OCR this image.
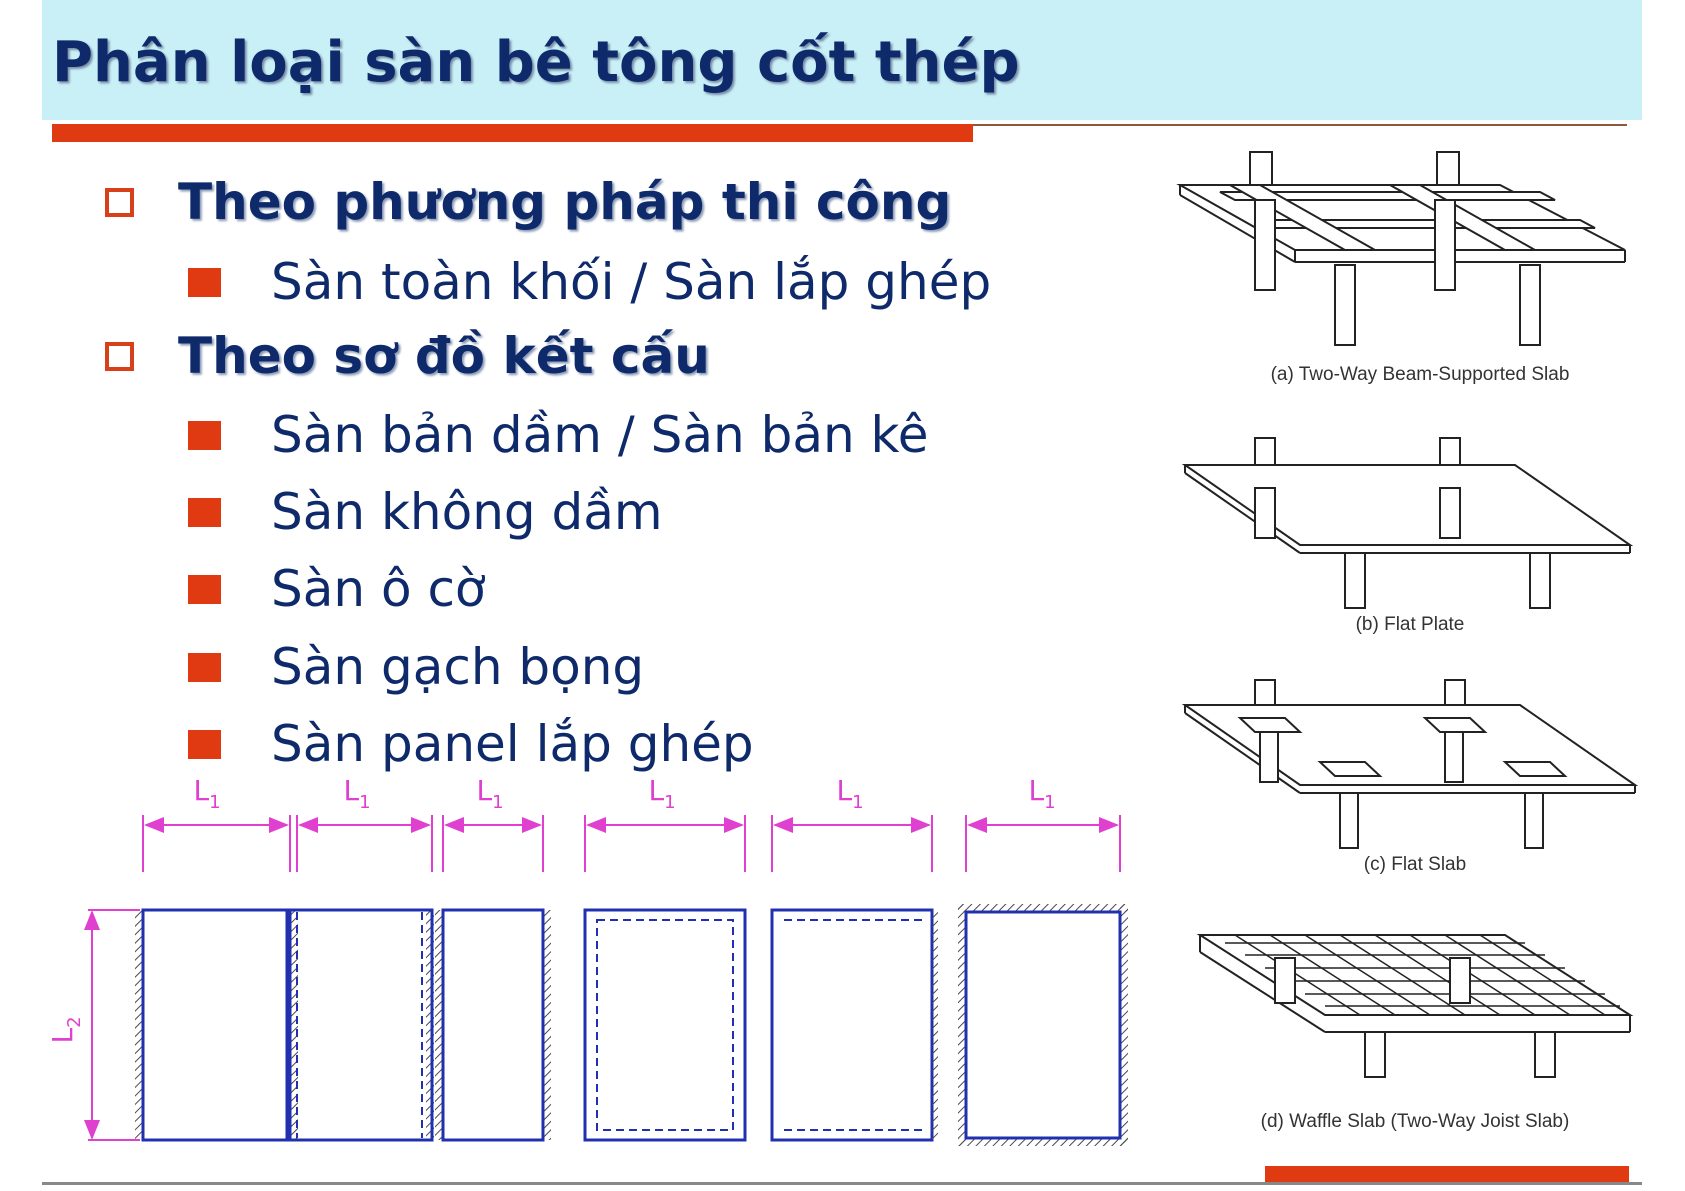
Phân loại sàn bê tông cốt thép
Theo phương pháp thi công
Sàn toàn khối / Sàn lắp ghép
Theo sơ đồ kết cấu
Sàn bản dầm / Sàn bản kê
Sàn không dầm
Sàn ô cờ
Sàn gạch bọng
Sàn panel lắp ghép
$L_2$
$L_1$	$L_1$	$L_1$	$L_1$	$L_1$	$L_1$
(a) Two-Way Beam-Supported Slab
(b) Flat Plate
(c) Flat Slab
(d) Waffle Slab (Two-Way Joist Slab)
